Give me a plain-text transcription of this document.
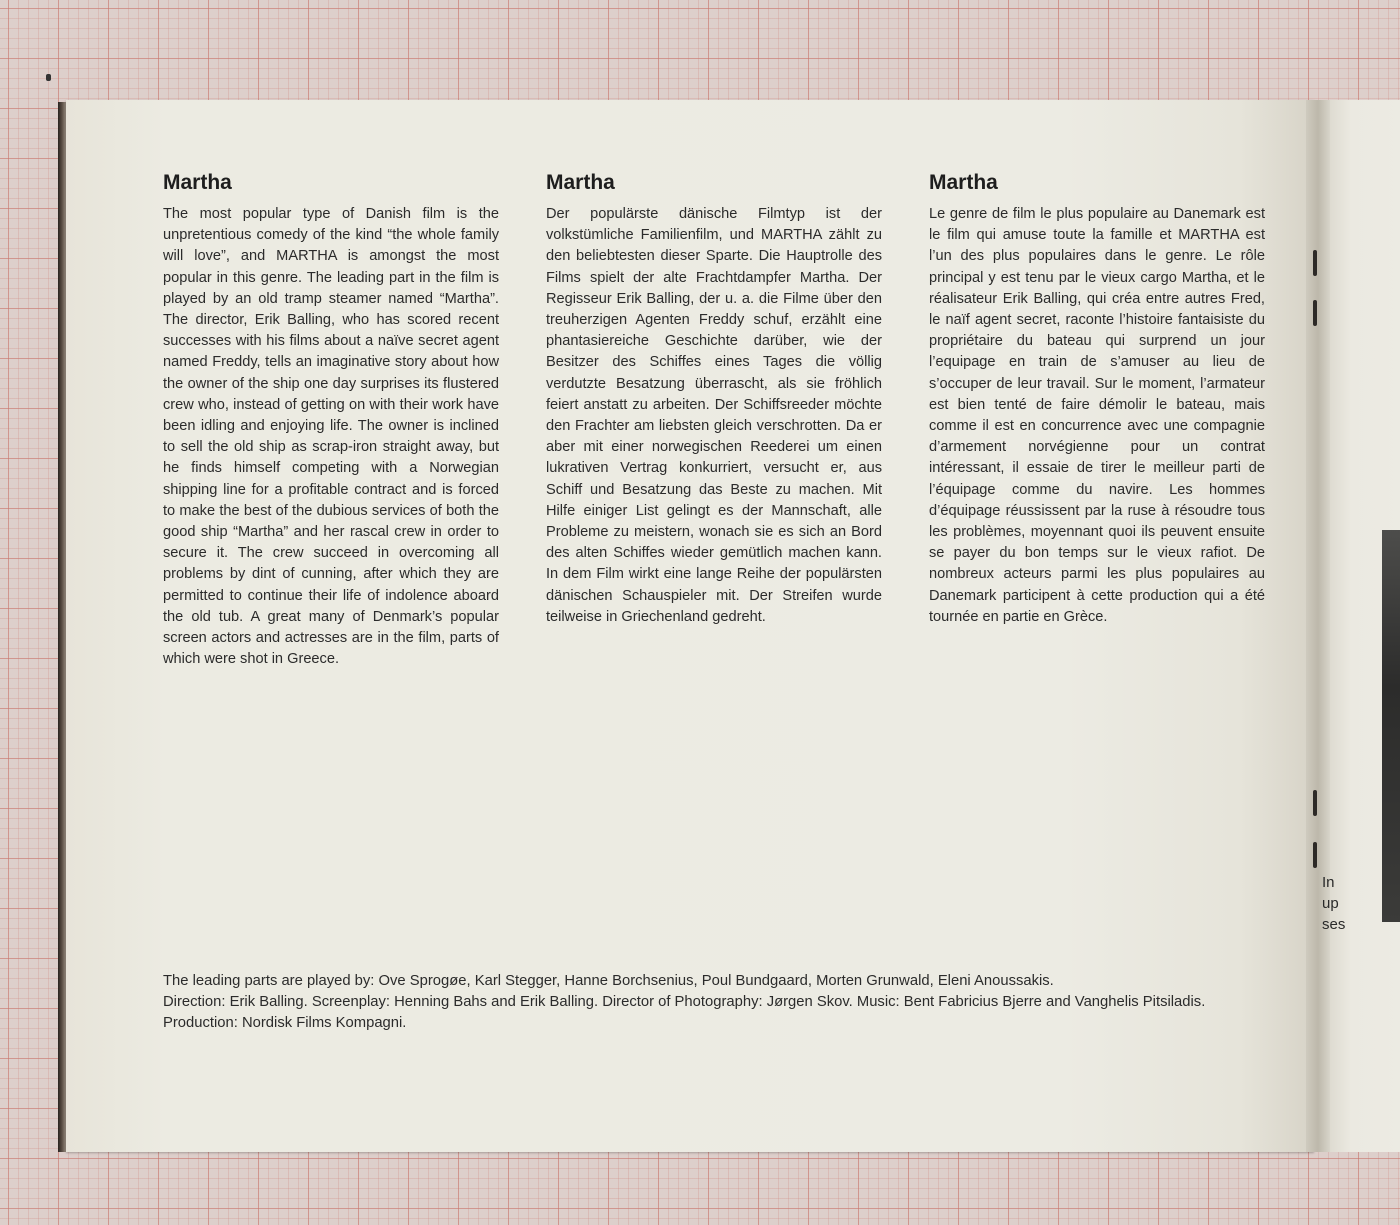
Martha

The most popular type of Danish film is the unpretentious comedy of the kind “the whole family will love”, and MARTHA is amongst the most popular in this genre. The leading part in the film is played by an old tramp steamer named “Martha”. The director, Erik Balling, who has scored recent successes with his films about a naïve secret agent named Freddy, tells an imaginative story about how the owner of the ship one day surprises its flustered crew who, instead of getting on with their work have been idling and enjoying life. The owner is inclined to sell the old ship as scrap-iron straight away, but he finds himself competing with a Norwegian shipping line for a profitable contract and is forced to make the best of the dubious services of both the good ship “Martha” and her rascal crew in order to secure it. The crew succeed in overcoming all problems by dint of cunning, after which they are permitted to continue their life of indolence aboard the old tub. A great many of Denmark’s popular screen actors and actresses are in the film, parts of which were shot in Greece.

Martha

Der populärste dänische Filmtyp ist der volkstümliche Familienfilm, und MARTHA zählt zu den beliebtesten dieser Sparte. Die Hauptrolle des Films spielt der alte Frachtdampfer Martha. Der Regisseur Erik Balling, der u. a. die Filme über den treuherzigen Agenten Freddy schuf, erzählt eine phantasiereiche Geschichte darüber, wie der Besitzer des Schiffes eines Tages die völlig verdutzte Besatzung überrascht, als sie fröhlich feiert anstatt zu arbeiten. Der Schiffsreeder möchte den Frachter am liebsten gleich verschrotten. Da er aber mit einer norwegischen Reederei um einen lukrativen Vertrag konkurriert, versucht er, aus Schiff und Besatzung das Beste zu machen. Mit Hilfe einiger List gelingt es der Mannschaft, alle Probleme zu meistern, wonach sie es sich an Bord des alten Schiffes wieder gemütlich machen kann. In dem Film wirkt eine lange Reihe der populärsten dänischen Schauspieler mit. Der Streifen wurde teilweise in Griechenland gedreht.

Martha

Le genre de film le plus populaire au Danemark est le film qui amuse toute la famille et MARTHA est l’un des plus populaires dans le genre. Le rôle principal y est tenu par le vieux cargo Martha, et le réalisateur Erik Balling, qui créa entre autres Fred, le naïf agent secret, raconte l’histoire fantaisiste du propriétaire du bateau qui surprend un jour l’equipage en train de s’amuser au lieu de s’occuper de leur travail. Sur le moment, l’armateur est bien tenté de faire démolir le bateau, mais comme il est en concurrence avec une compagnie d’armement norvégienne pour un contrat intéressant, il essaie de tirer le meilleur parti de l’équipage comme du navire. Les hommes d’équipage réussissent par la ruse à résoudre tous les problèmes, moyennant quoi ils peuvent ensuite se payer du bon temps sur le vieux rafiot. De nombreux acteurs parmi les plus populaires au Danemark participent à cette production qui a été tournée en partie en Grèce.

The leading parts are played by: Ove Sprogøe, Karl Stegger, Hanne Borchsenius, Poul Bundgaard, Morten Grunwald, Eleni Anoussakis.

Direction: Erik Balling. Screenplay: Henning Bahs and Erik Balling. Director of Photography: Jørgen Skov. Music: Bent Fabricius Bjerre and Vanghelis Pitsiladis. Production: Nordisk Films Kompagni.

In
up
ses
